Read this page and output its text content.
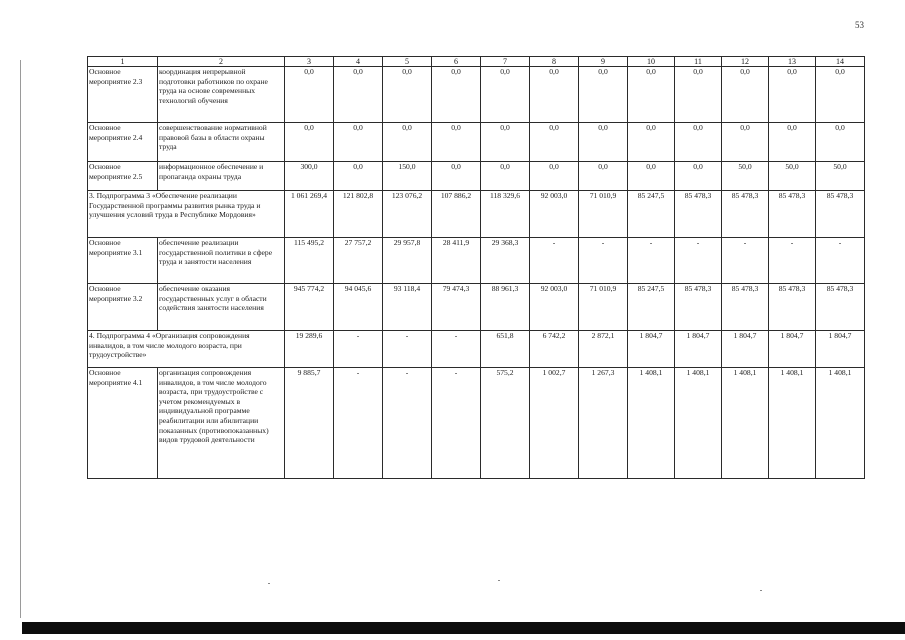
53
1	2	3	4	5	6	7	8	9	10	11	12	13	14
Основное мероприятие 2.3	координация непрерывной подготовки работников по охране труда на основе современных технологий обучения	0,0	0,0	0,0	0,0	0,0	0,0	0,0	0,0	0,0	0,0	0,0	0,0
Основное мероприятие 2.4	совершенствование нормативной правовой базы в области охраны труда	0,0	0,0	0,0	0,0	0,0	0,0	0,0	0,0	0,0	0,0	0,0	0,0
Основное мероприятие 2.5	информационное обеспечение и пропаганда охраны труда	300,0	0,0	150,0	0,0	0,0	0,0	0,0	0,0	0,0	50,0	50,0	50,0
3. Подпрограмма 3 «Обеспечение реализации Государственной программы развития рынка труда и улучшения условий труда в Республике Мордовия»		1 061 269,4	121 802,8	123 076,2	107 886,2	118 329,6	92 003,0	71 010,9	85 247,5	85 478,3	85 478,3	85 478,3	85 478,3
Основное мероприятие 3.1	обеспечение реализации государственной политики в сфере труда и занятости населения	115 495,2	27 757,2	29 957,8	28 411,9	29 368,3	-	-	-	-	-	-	-
Основное мероприятие 3.2	обеспечение оказания государственных услуг в области содействия занятости населения	945 774,2	94 045,6	93 118,4	79 474,3	88 961,3	92 003,0	71 010,9	85 247,5	85 478,3	85 478,3	85 478,3	85 478,3
4. Подпрограмма 4 «Организация сопровождения инвалидов, в том числе молодого возраста, при трудоустройстве»		19 289,6	-	-	-	651,8	6 742,2	2 872,1	1 804,7	1 804,7	1 804,7	1 804,7	1 804,7
Основное мероприятие 4.1	организация сопровождения инвалидов, в том числе молодого возраста, при трудоустройстве с учетом рекомендуемых в индивидуальной программе реабилитации или абилитации показанных (противопоказанных) видов трудовой деятельности	9 885,7	-	-	-	575,2	1 002,7	1 267,3	1 408,1	1 408,1	1 408,1	1 408,1	1 408,1
